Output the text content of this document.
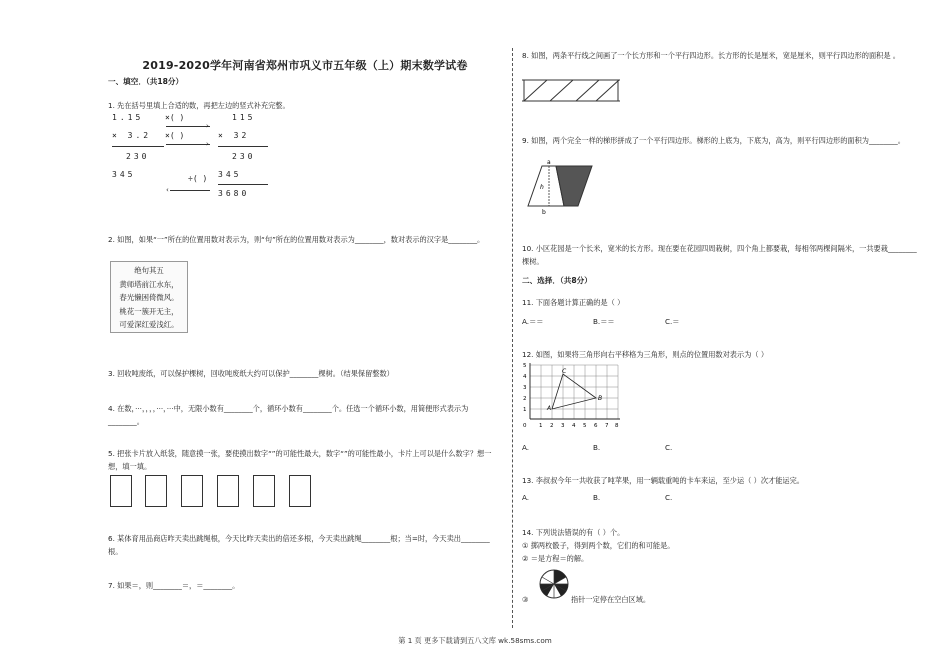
2019-2020学年河南省郑州市巩义市五年级（上）期末数学试卷
一、填空．（共18分）
1. 先在括号里填上合适的数，再把左边的竖式补充完整。
1.15
× 3.2
230
345
×( )
›
×( )
›
÷( )
‹
115
× 32
230
345
3680
2. 如图，如果“一”所在的位置用数对表示为，则“句”所在的位置用数对表示为________，数对表示的汉字是________。
绝句其五
黄师塔前江水东，
春光懒困倚微风。
桃花一簇开无主，
可爱深红爱浅红。
3. 回收吨废纸，可以保护棵树，回收吨废纸大约可以保护________棵树。（结果保留整数）
4. 在数，···，，，，···，···中，无限小数有________个，循环小数有________个。任选一个循环小数，用简便形式表示为________。
5. 把张卡片放入纸袋，随意摸一张，要使摸出数字“”的可能性最大，数字“”的可能性最小，卡片上可以是什么数字？想一想，填一填。
6. 某体育用品商店昨天卖出跳绳根，今天比昨天卖出的倍还多根，今天卖出跳绳________根；当=时，今天卖出________根。
7. 如果＝，则________＝，＝________。
8. 如图，两条平行线之间画了一个长方形和一个平行四边形。长方形的长是厘米，宽是厘米，则平行四边形的面积是 。
9. 如图，两个完全一样的梯形拼成了一个平行四边形。梯形的上底为，下底为，高为，则平行四边形的面积为________。
a
h
b
10. 小区花园是一个长米，宽米的长方形。现在要在花园四周栽树，四个角上都要栽，每相邻两棵间隔米，一共要栽________棵树。
二、选择．（共8分）
11. 下面各题计算正确的是（ ）
A.＝＝	B.＝＝	C.＝
12. 如图，如果将三角形向右平移格为三角形，则点的位置用数对表示为（ ）
A
C
B
5
4
3
2
1
0 1 2 3 4 5 6 7 8
A.	B.	C.
13. 李叔叔今年一共收获了吨苹果，用一辆载重吨的卡车来运，至少运（ ）次才能运完。
A.	B.	C.
14. 下列说法错误的有（ ）个。
① 掷两枚骰子，得到两个数，它们的和可能是。
② ＝是方程＝的解。
③	指针一定停在空白区域。
第 1 页 更多下载请到五八文库 wk.58sms.com
